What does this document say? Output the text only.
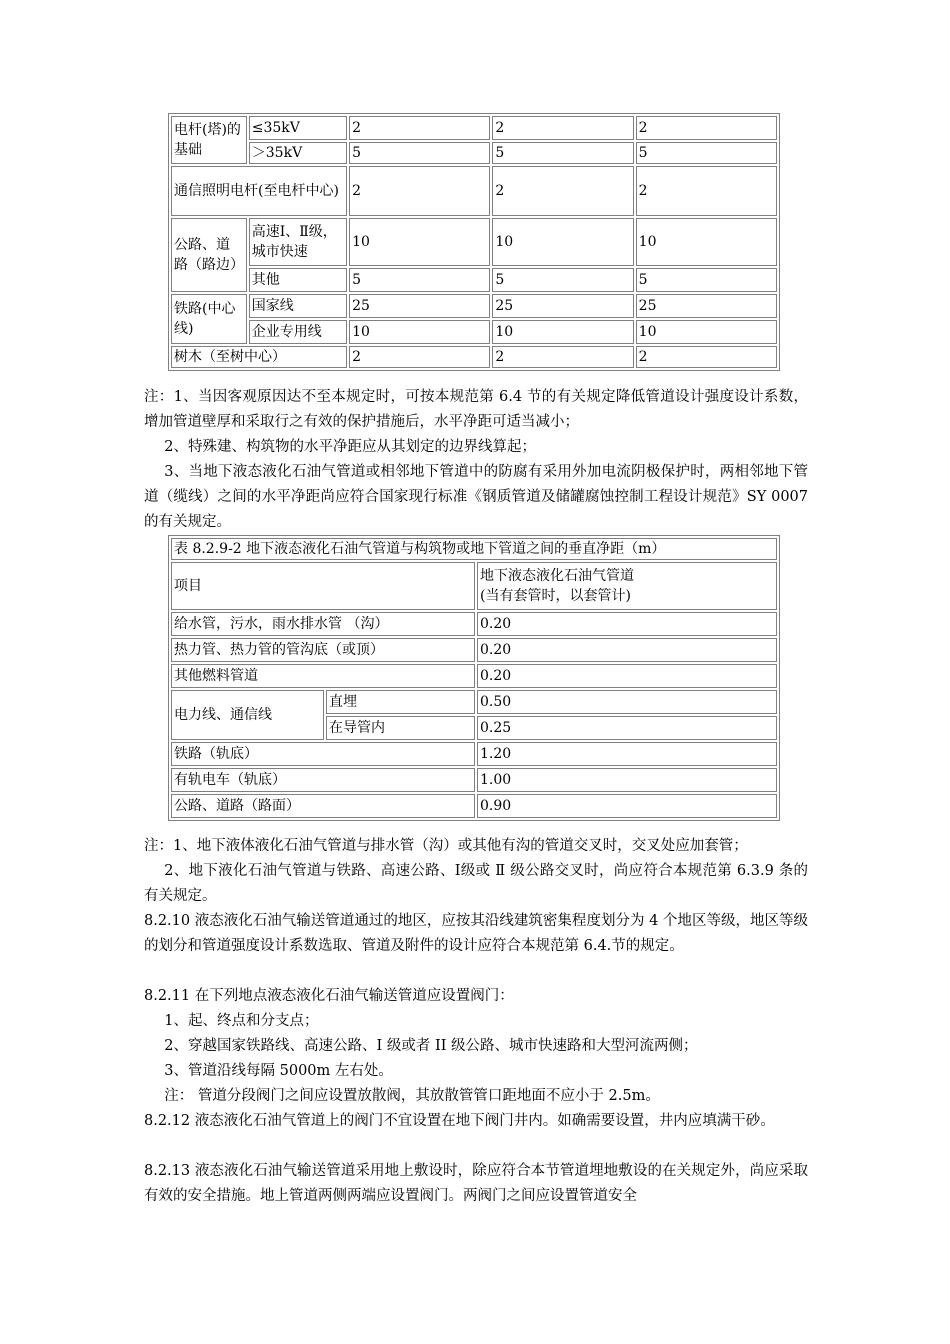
电杆(塔)的基础	≤35kV	2	2	2
	＞35kV	5	5	5
通信照明电杆(至电杆中心)		2	2	2
公路、道路（路边）	高速Ⅰ、Ⅱ级，城市快速	10	10	10
	其他	5	5	5
铁路(中心线)	国家线	25	25	25
	企业专用线	10	10	10
树木（至树中心）		2	2	2
注：1、当因客观原因达不至本规定时，可按本规范第 6.4 节的有关规定降低管道设计强度设计系数，增加管道壁厚和采取行之有效的保护措施后，水平净距可适当减小；
2、特殊建、构筑物的水平净距应从其划定的边界线算起；
3、当地下液态液化石油气管道或相邻地下管道中的防腐有采用外加电流阴极保护时，两相邻地下管道（缆线）之间的水平净距尚应符合国家现行标准《钢质管道及储罐腐蚀控制工程设计规范》SY 0007 的有关规定。
表 8.2.9-2 地下液态液化石油气管道与构筑物或地下管道之间的垂直净距（m）		
项目		地下液态液化石油气管道
(当有套管时，以套管计)

给水管，污水，雨水排水管 （沟）		0.20
热力管、热力管的管沟底（或顶）		0.20
其他燃料管道		0.20
电力线、通信线	直埋	0.50
	在导管内	0.25
铁路（轨底）		1.20
有轨电车（轨底）		1.00
公路、道路（路面）		0.90
注：1、地下液体液化石油气管道与排水管（沟）或其他有沟的管道交叉时，交叉处应加套管；
2、地下液化石油气管道与铁路、高速公路、Ⅰ级或 Ⅱ 级公路交叉时，尚应符合本规范第 6.3.9 条的有关规定。
8.2.10 液态液化石油气输送管道通过的地区，应按其沿线建筑密集程度划分为 4 个地区等级，地区等级的划分和管道强度设计系数选取、管道及附件的设计应符合本规范第 6.4.节的规定。
8.2.11 在下列地点液态液化石油气输送管道应设置阀门：
1、起、终点和分支点；
2、穿越国家铁路线、高速公路、I 级或者 II 级公路、城市快速路和大型河流两侧；
3、管道沿线每隔 5000m 左右处。
注： 管道分段阀门之间应设置放散阀，其放散管管口距地面不应小于 2.5m。
8.2.12 液态液化石油气管道上的阀门不宜设置在地下阀门井内。如确需要设置，井内应填满干砂。
8.2.13 液态液化石油气输送管道采用地上敷设时，除应符合本节管道埋地敷设的在关规定外，尚应采取有效的安全措施。地上管道两侧两端应设置阀门。两阀门之间应设置管道安全
